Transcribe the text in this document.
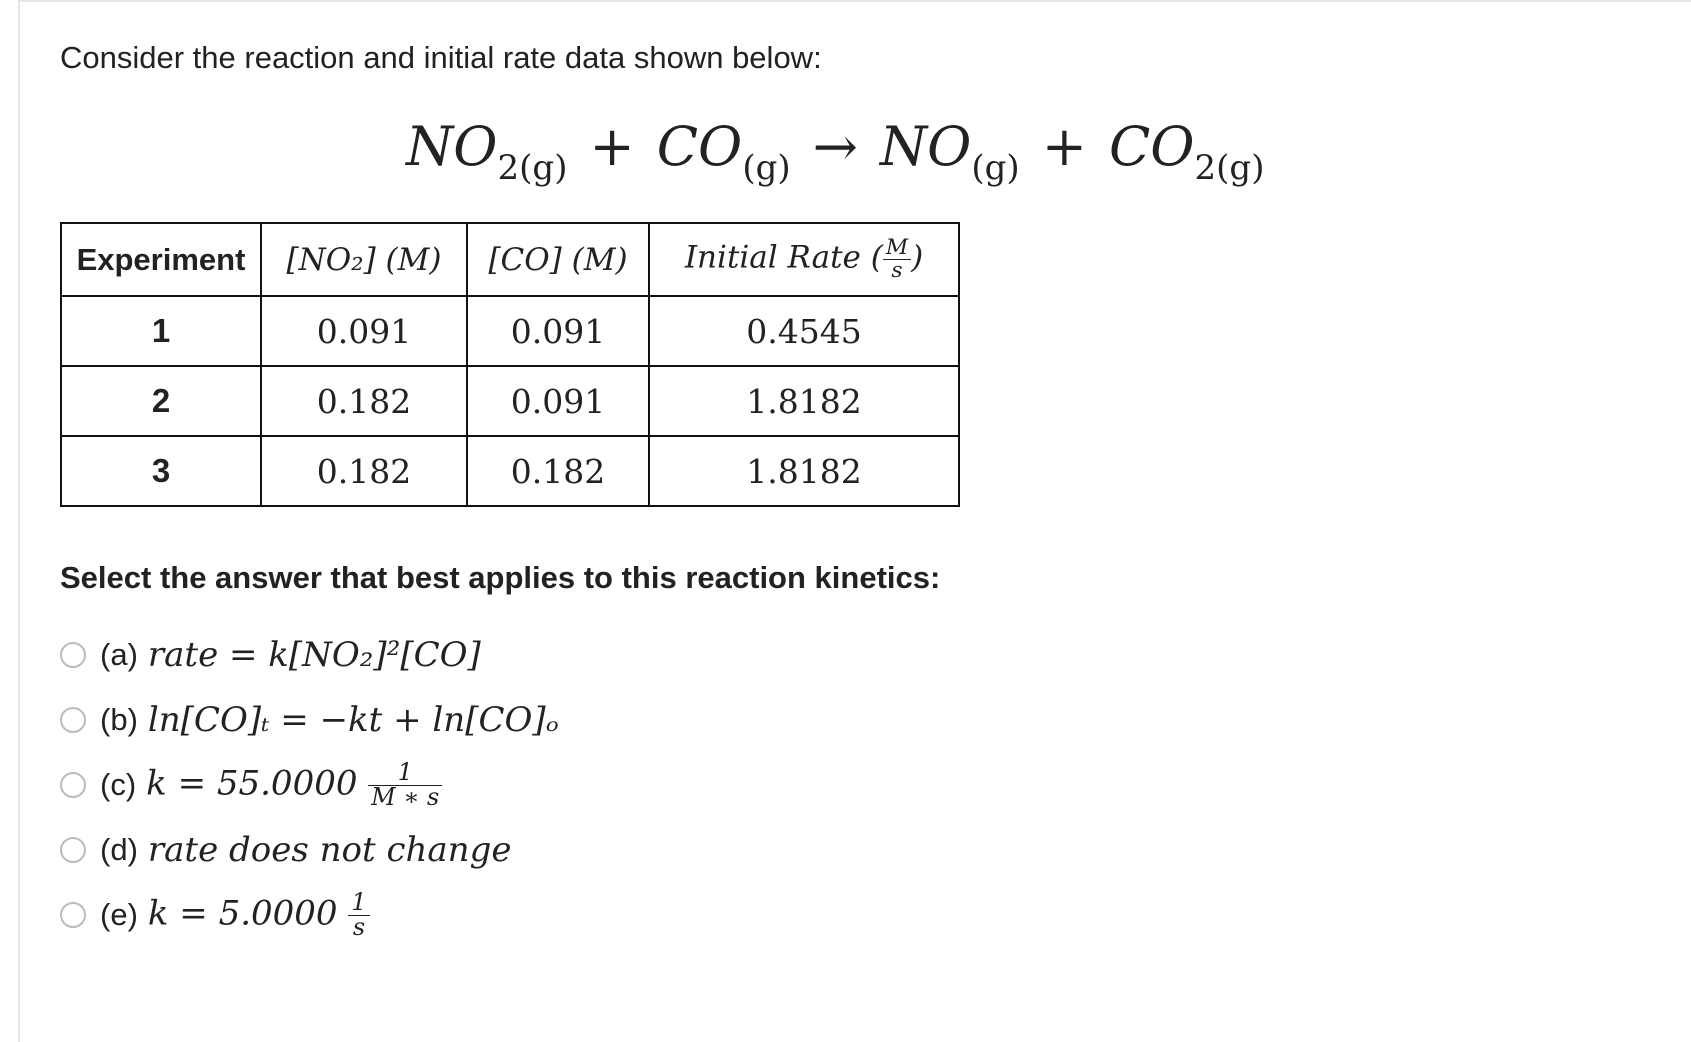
Consider the reaction and initial rate data shown below:
$NO_{2(g)} + CO_{(g)} \to NO_{(g)} + CO_{2(g)}$
Experiment	[NO₂] (M)	[CO] (M)	Initial Rate ( $\frac{M}{s}$ )
1	0.091	0.091	0.4545
2	0.182	0.091	1.8182
3	0.182	0.182	1.8182
Select the answer that best applies to this reaction kinetics:
(a) rate = k[NO₂]²[CO]
(b) ln[CO]ₜ = −kt + ln[CO]ₒ
(c) $k = 55.0000 \frac{1}{M ∗ s}$
(d) rate does not change
(e) $k = 5.0000 \frac{1}{s}$
